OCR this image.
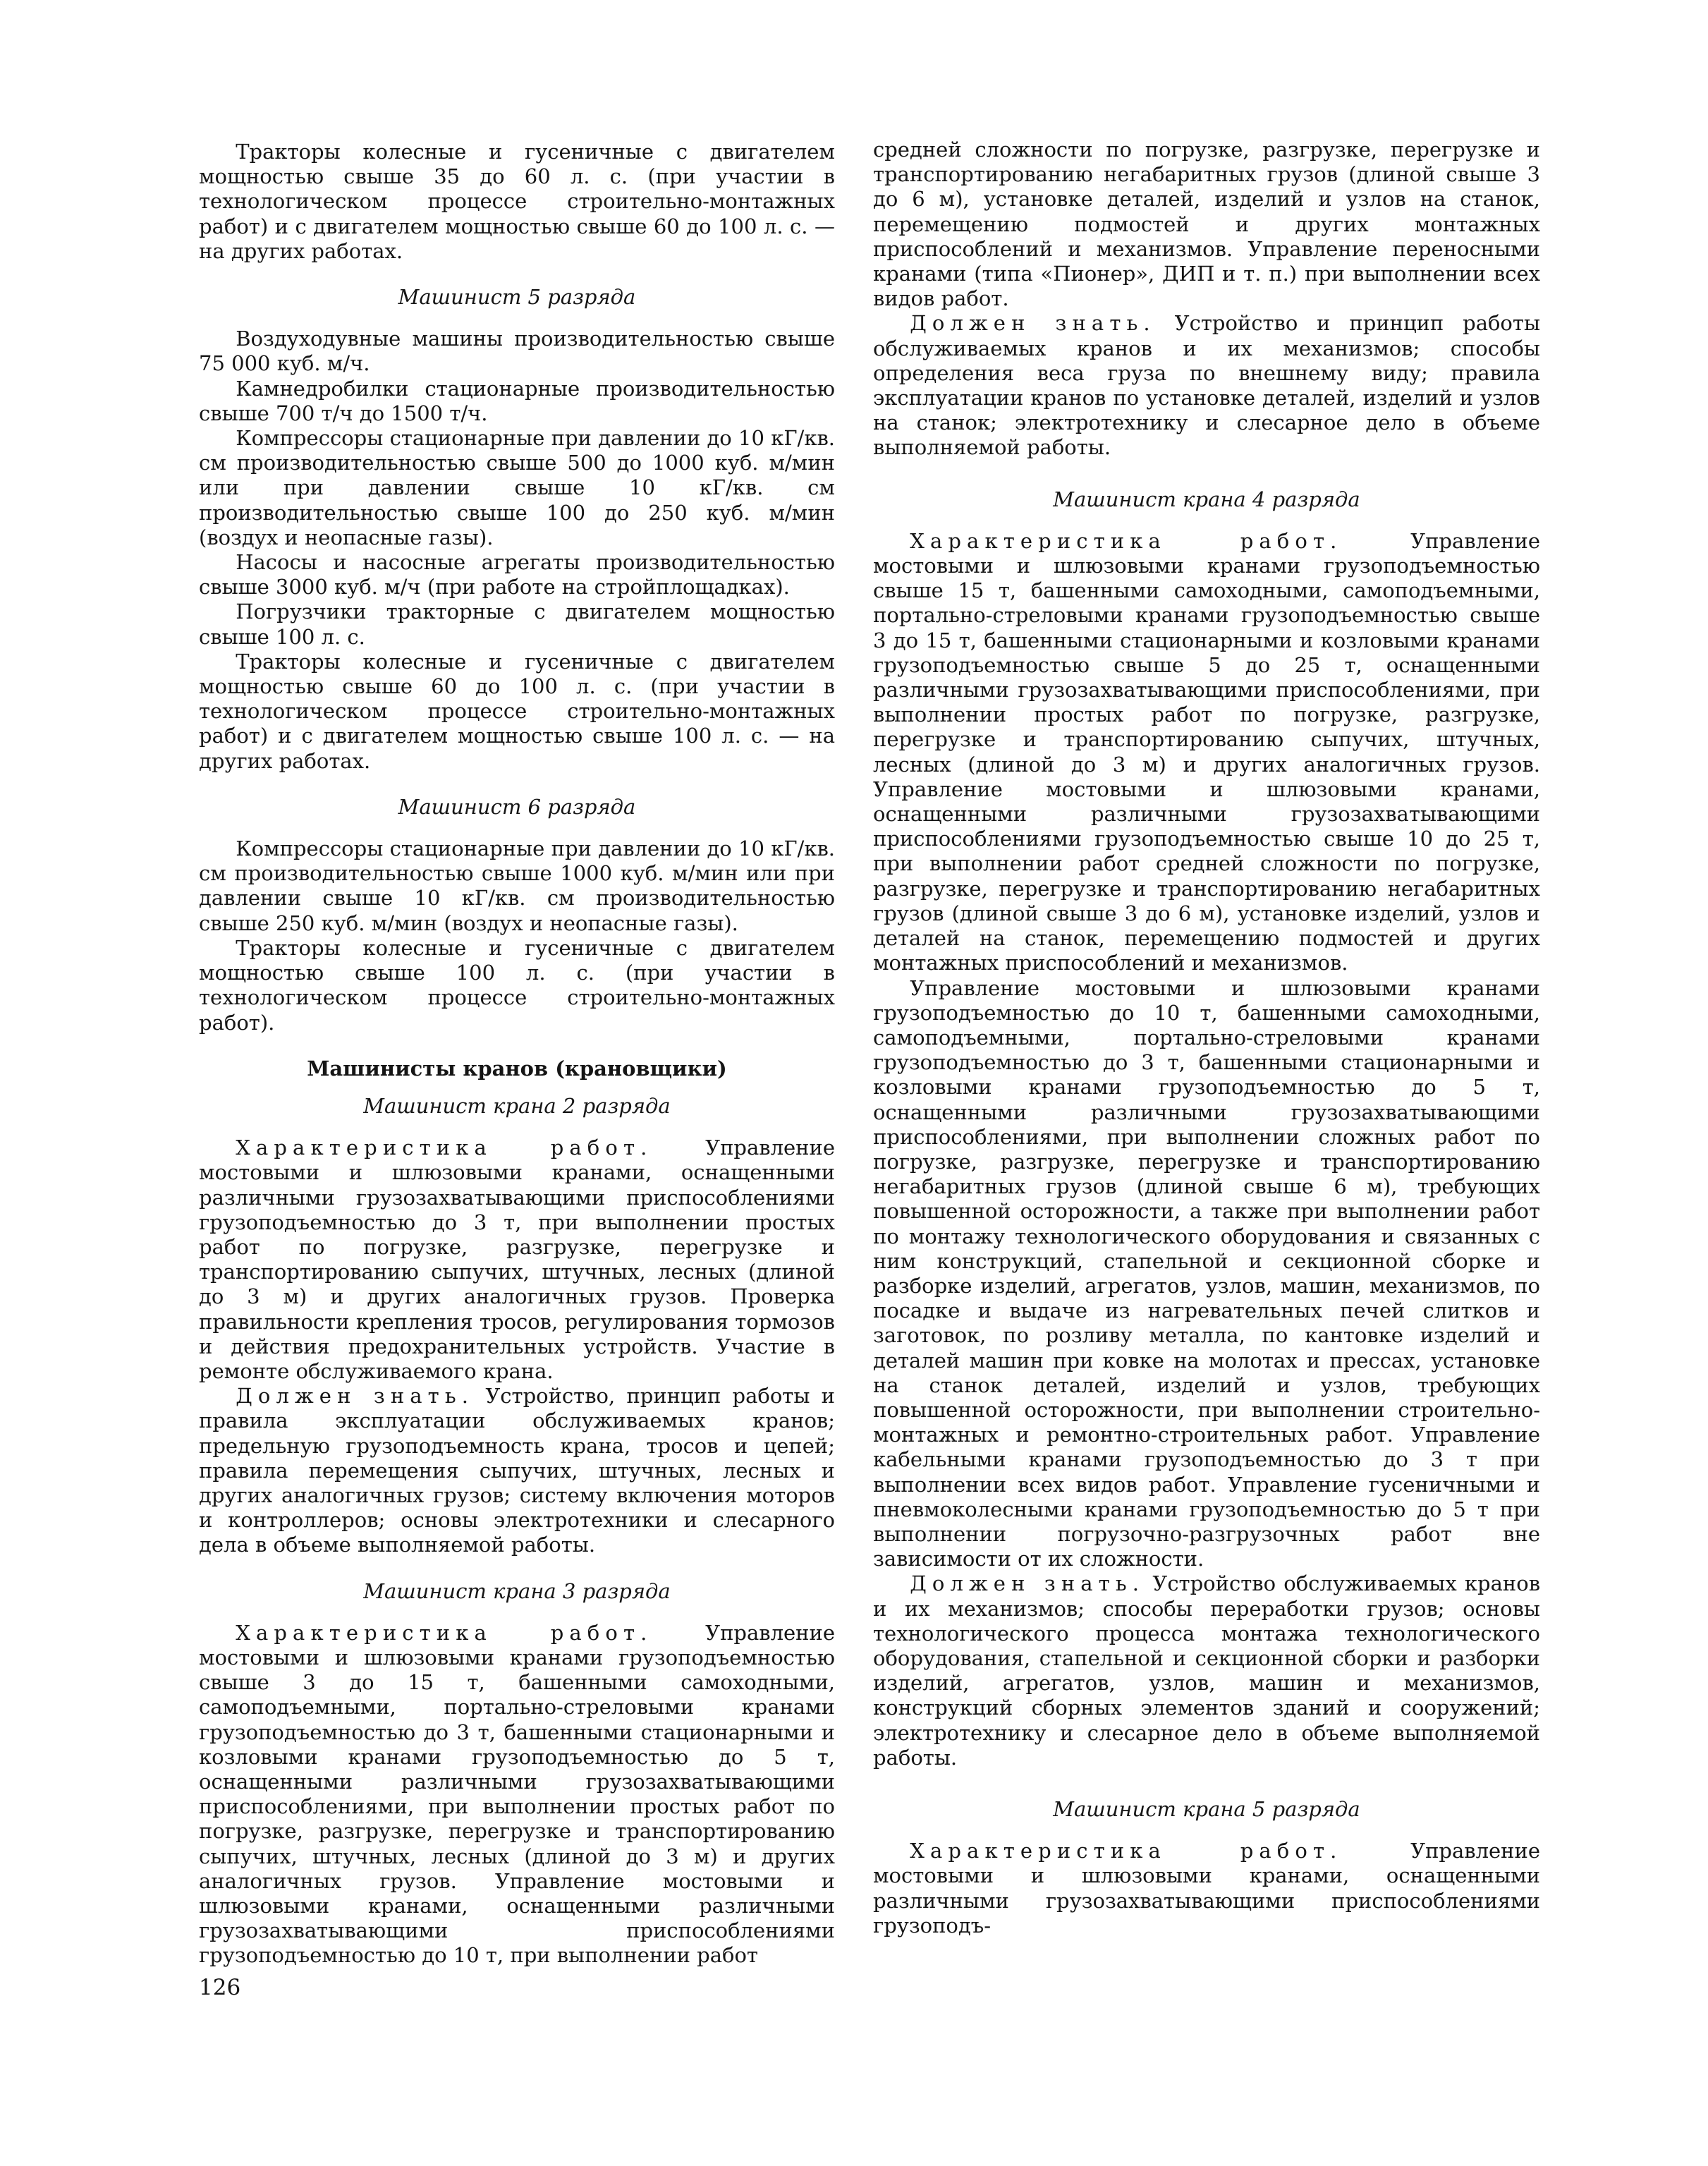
Тракторы колесные и гусеничные с двигателем мощностью свыше 35 до 60 л. с. (при участии в технологическом процессе строительно-монтажных работ) и с двигателем мощностью свыше 60 до 100 л. с. — на других работах.

Машинист 5 разряда

Воздуходувные машины производительностью свыше 75 000 куб. м/ч.

Камнедробилки стационарные производительностью свыше 700 т/ч до 1500 т/ч.

Компрессоры стационарные при давлении до 10 кГ/кв. см производительностью свыше 500 до 1000 куб. м/мин или при давлении свыше 10 кГ/кв. см производительностью свыше 100 до 250 куб. м/мин (воздух и неопасные газы).

Насосы и насосные агрегаты производительностью свыше 3000 куб. м/ч (при работе на стройплощадках).

Погрузчики тракторные с двигателем мощностью свыше 100 л. с.

Тракторы колесные и гусеничные с двигателем мощностью свыше 60 до 100 л. с. (при участии в технологическом процессе строительно-монтажных работ) и с двигателем мощностью свыше 100 л. с. — на других работах.

Машинист 6 разряда

Компрессоры стационарные при давлении до 10 кГ/кв. см производительностью свыше 1000 куб. м/мин или при давлении свыше 10 кГ/кв. см производительностью свыше 250 куб. м/мин (воздух и неопасные газы).

Тракторы колесные и гусеничные с двигателем мощностью свыше 100 л. с. (при участии в технологическом процессе строительно-монтажных работ).

Машинисты кранов (крановщики)
Машинист крана 2 разряда

Характеристика работ.	Управление мостовыми и шлюзовыми кранами, оснащенными различными грузозахватывающими приспособлениями грузоподъемностью до 3 т, при выполнении простых работ по погрузке, разгрузке, перегрузке и транспортированию сыпучих, штучных, лесных (длиной до 3 м) и других аналогичных грузов. Проверка правильности крепления тросов, регулирования тормозов и действия предохранительных устройств. Участие в ремонте обслуживаемого крана.

Должен знать. Устройство, принцип работы и правила эксплуатации обслуживаемых кранов; предельную грузоподъемность крана, тросов и цепей; правила перемещения сыпучих, штучных, лесных и других аналогичных грузов; систему включения моторов и контроллеров; основы электротехники и слесарного дела в объеме выполняемой работы.

Машинист крана 3 разряда

Характеристика работ.	Управление мостовыми и шлюзовыми кранами грузоподъемностью свыше 3 до 15 т, башенными самоходными, самоподъемными, портально-стреловыми кранами грузоподъемностью до 3 т, башенными стационарными и козловыми кранами грузоподъемностью до 5 т, оснащенными различными грузозахватывающими приспособлениями, при выполнении простых работ по погрузке, разгрузке, перегрузке и транспортированию сыпучих, штучных, лесных (длиной до 3 м) и других аналогичных грузов. Управление мостовыми и шлюзовыми кранами, оснащенными различными грузозахватывающими приспособлениями грузоподъемностью до 10 т, при выполнении работ

средней сложности по погрузке, разгрузке, перегрузке и транспортированию негабаритных грузов (длиной свыше 3 до 6 м), установке деталей, изделий и узлов на станок, перемещению подмостей и других монтажных приспособлений и механизмов. Управление переносными кранами (типа «Пионер», ДИП и т. п.) при выполнении всех видов работ.

Должен знать. Устройство и принцип работы обслуживаемых кранов и их механизмов; способы определения веса груза по внешнему виду; правила эксплуатации кранов по установке деталей, изделий и узлов на станок; электротехнику и слесарное дело в объеме выполняемой работы.

Машинист крана 4 разряда

Характеристика работ.	Управление мостовыми и шлюзовыми кранами грузоподъемностью свыше 15 т, башенными самоходными, самоподъемными, портально-стреловыми кранами грузоподъемностью свыше 3 до 15 т, башенными стационарными и козловыми кранами грузоподъемностью свыше 5 до 25 т, оснащенными различными грузозахватывающими приспособлениями, при выполнении простых работ по погрузке, разгрузке, перегрузке и транспортированию сыпучих, штучных, лесных (длиной до 3 м) и других аналогичных грузов. Управление мостовыми и шлюзовыми кранами, оснащенными различными грузозахватывающими приспособлениями грузоподъемностью свыше 10 до 25 т, при выполнении работ средней сложности по погрузке, разгрузке, перегрузке и транспортированию негабаритных грузов (длиной свыше 3 до 6 м), установке изделий, узлов и деталей на станок, перемещению подмостей и других монтажных приспособлений и механизмов.

Управление мостовыми и шлюзовыми кранами грузоподъемностью до 10 т, башенными самоходными, самоподъемными, портально-стреловыми кранами грузоподъемностью до 3 т, башенными стационарными и козловыми кранами грузоподъемностью до 5 т, оснащенными различными грузозахватывающими приспособлениями, при выполнении сложных работ по погрузке, разгрузке, перегрузке и транспортированию негабаритных грузов (длиной свыше 6 м), требующих повышенной осторожности, а также при выполнении работ по монтажу технологического оборудования и связанных с ним конструкций, стапельной и секционной сборке и разборке изделий, агрегатов, узлов, машин, механизмов, по посадке и выдаче из нагревательных печей слитков и заготовок, по розливу металла, по кантовке изделий и деталей машин при ковке на молотах и прессах, установке на станок деталей, изделий и узлов, требующих повышенной осторожности, при выполнении строительно-монтажных и ремонтно-строительных работ. Управление кабельными кранами грузоподъемностью до 3 т при выполнении всех видов работ. Управление гусеничными и пневмоколесными кранами грузоподъемностью до 5 т при выполнении погрузочно-разгрузочных работ вне зависимости от их сложности.

Должен знать. Устройство обслуживаемых кранов и их механизмов; способы переработки грузов; основы технологического процесса монтажа технологического оборудования, стапельной и секционной сборки и разборки изделий, агрегатов, узлов, машин и механизмов, конструкций сборных элементов зданий и сооружений; электротехнику и слесарное дело в объеме выполняемой работы.

Машинист крана 5 разряда

Характеристика работ.	Управление мостовыми и шлюзовыми кранами, оснащенными различными грузозахватывающими приспособлениями грузоподъ-

126
